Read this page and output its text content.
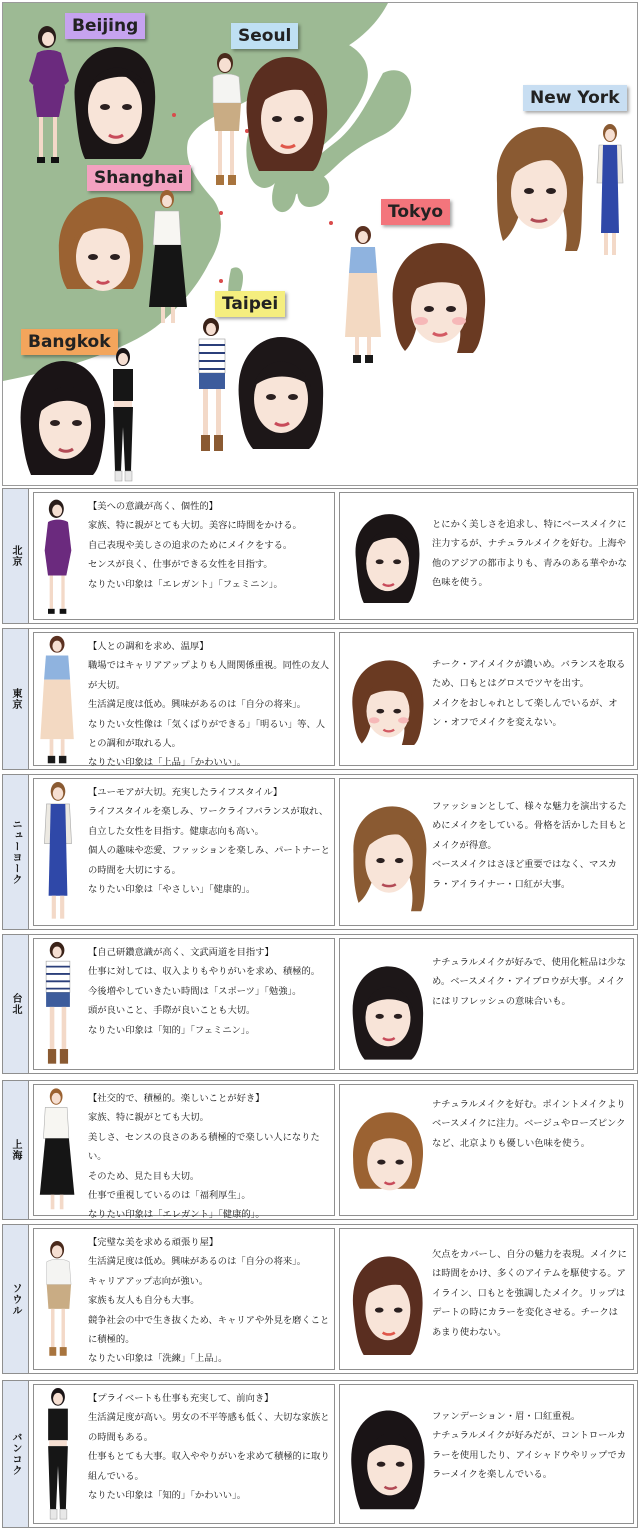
Beijing	Seoul
New York
Shanghai
Tokyo
Taipei
Bangkok
北京

【美への意識が高く、個性的】

家族、特に親がとても大切。美容に時間をかける。

自己表現や美しさの追求のためにメイクをする。

センスが良く、仕事ができる女性を目指す。

なりたい印象は「エレガント」「フェミニン」。

とにかく美しさを追求し、特にベースメイクに注力するが、ナチュラルメイクを好む。上海や他のアジアの都市よりも、青みのある華やかな色味を使う。
東京

【人との調和を求め、温厚】

職場ではキャリアアップよりも人間関係重視。同性の友人が大切。

生活満足度は低め。興味があるのは「自分の将来」。

なりたい女性像は「気くばりができる」「明るい」等、人との調和が取れる人。

なりたい印象は「上品」「かわいい」。

チーク・アイメイクが濃いめ。バランスを取るため、口もとはグロスでツヤを出す。
メイクをおしゃれとして楽しんでいるが、オン・オフでメイクを変えない。
ニューヨーク

【ユーモアが大切。充実したライフスタイル】

ライフスタイルを楽しみ、ワークライフバランスが取れ、自立した女性を目指す。健康志向も高い。

個人の趣味や恋愛、ファッションを楽しみ、パートナーとの時間を大切にする。

なりたい印象は「やさしい」「健康的」。

ファッションとして、様々な魅力を演出するためにメイクをしている。骨格を活かした目もとメイクが得意。
ベースメイクはさほど重要ではなく、マスカラ・アイライナー・口紅が大事。
台北

【自己研鑽意識が高く、文武両道を目指す】

仕事に対しては、収入よりもやりがいを求め、積極的。

今後増やしていきたい時間は「スポーツ」「勉強」。

頭が良いこと、手際が良いことも大切。

なりたい印象は「知的」「フェミニン」。

ナチュラルメイクが好みで、使用化粧品は少なめ。ベースメイク・アイブロウが大事。メイクにはリフレッシュの意味合いも。
上海

【社交的で、積極的。楽しいことが好き】

家族、特に親がとても大切。

美しさ、センスの良さのある積極的で楽しい人になりたい。

そのため、見た目も大切。

仕事で重視しているのは「福利厚生」。

なりたい印象は「エレガント」「健康的」。

ナチュラルメイクを好む。ポイントメイクよりベースメイクに注力。ベージュやローズピンクなど、北京よりも優しい色味を使う。
ソウル

【完璧な美を求める頑張り屋】

生活満足度は低め。興味があるのは「自分の将来」。

キャリアアップ志向が強い。

家族も友人も自分も大事。

競争社会の中で生き抜くため、キャリアや外見を磨くことに積極的。

なりたい印象は「洗練」「上品」。

欠点をカバーし、自分の魅力を表現。メイクには時間をかけ、多くのアイテムを駆使する。アイライン、口もとを強調したメイク。リップはデートの時にカラーを変化させる。チークはあまり使わない。
バンコク

【プライベートも仕事も充実して、前向き】

生活満足度が高い。男女の不平等感も低く、大切な家族との時間もある。

仕事もとても大事。収入ややりがいを求めて積極的に取り組んでいる。

なりたい印象は「知的」「かわいい」。

ファンデーション・眉・口紅重視。
ナチュラルメイクが好みだが、コントロールカラーを使用したり、アイシャドウやリップでカラーメイクを楽しんでいる。
